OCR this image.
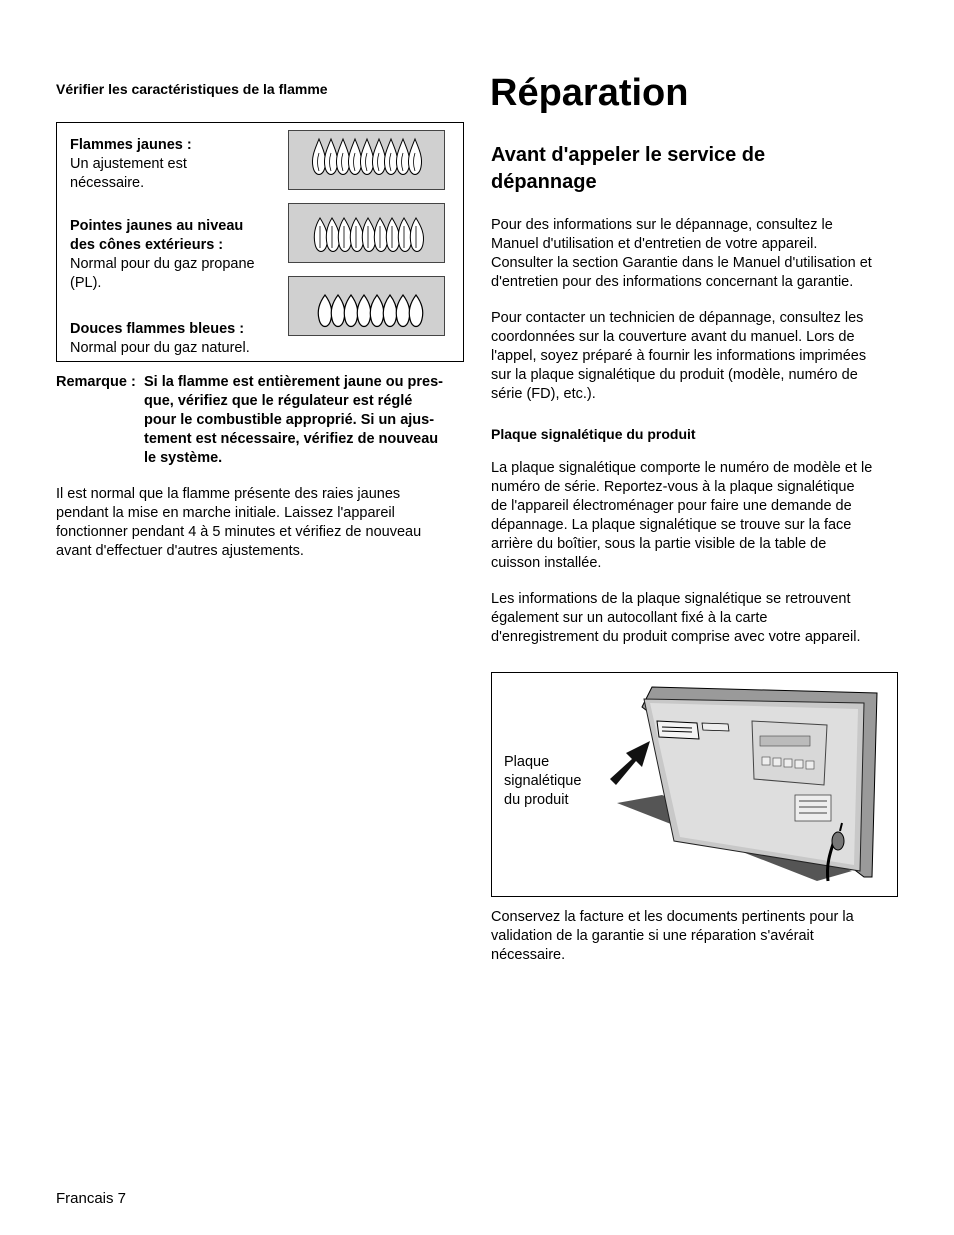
Vérifier les caractéristiques de la flamme
Flammes jaunes :
Un ajustement est
nécessaire.
Pointes jaunes au niveau
des cônes extérieurs :
Normal pour du gaz propane
(PL).
Douces flammes bleues :
Normal pour du gaz naturel.
Remarque : Si la flamme est entièrement jaune ou pres-
que, vérifiez que le régulateur est réglé
pour le combustible approprié. Si un ajus-
tement est nécessaire, vérifiez de nouveau
le système.
Il est normal que la flamme présente des raies jaunes
pendant la mise en marche initiale. Laissez l'appareil
fonctionner pendant 4 à 5 minutes et vérifiez de nouveau
avant d'effectuer d'autres ajustements.
Réparation
Avant d'appeler le service de
dépannage
Pour des informations sur le dépannage, consultez le
Manuel d'utilisation et d'entretien de votre appareil.
Consulter la section Garantie dans le Manuel d'utilisation et
d'entretien pour des informations concernant la garantie.
Pour contacter un technicien de dépannage, consultez les
coordonnées sur la couverture avant du manuel. Lors de
l'appel, soyez préparé à fournir les informations imprimées
sur la plaque signalétique du produit (modèle, numéro de
série (FD), etc.).
Plaque signalétique du produit
La plaque signalétique comporte le numéro de modèle et le
numéro de série. Reportez-vous à la plaque signalétique
de l'appareil électroménager pour faire une demande de
dépannage. La plaque signalétique se trouve sur la face
arrière du boîtier, sous la partie visible de la table de
cuisson installée.
Les informations de la plaque signalétique se retrouvent
également sur un autocollant fixé à la carte
d'enregistrement du produit comprise avec votre appareil.
Plaque
signalétique
du produit
Conservez la facture et les documents pertinents pour la
validation de la garantie si une réparation s'avérait
nécessaire.
Francais 7
